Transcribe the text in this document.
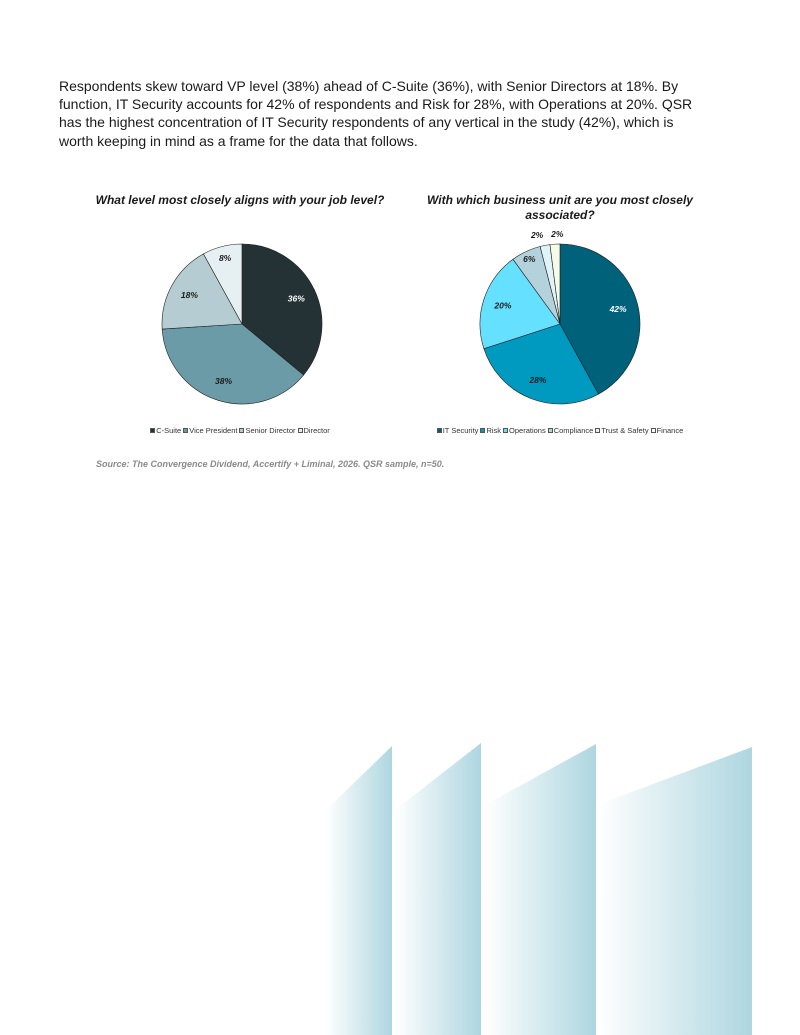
Respondents skew toward VP level (38%) ahead of C-Suite (36%), with Senior Directors at 18%. By function, IT Security accounts for 42% of respondents and Risk for 28%, with Operations at 20%. QSR has the highest concentration of IT Security respondents of any vertical in the study (42%), which is worth keeping in mind as a frame for the data that follows.

36%
38%
18%
8%
What level most closely aligns with your job level?
C-Suite Vice President Senior Director Director
42%
28%
20%
6%
2% 2%
With which business unit are you most closely associated?
IT Security Risk Operations Compliance Trust & Safety Finance

Source: The Convergence Dividend, Accertify + Liminal, 2026. QSR sample, n=50.
